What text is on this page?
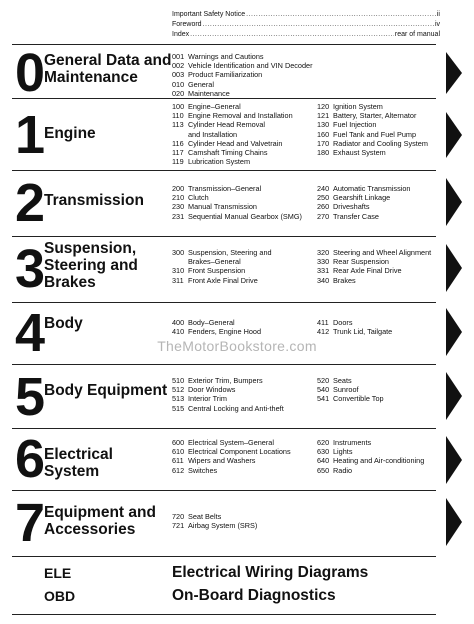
Important Safety Notice .....	ii
Foreword .....	iv
Index .....	rear of manual
0 General Data and Maintenance
001 Warnings and Cautions
002 Vehicle Identification and VIN Decoder
003 Product Familiarization
010 General
020 Maintenance
1 Engine
100 Engine–General
110 Engine Removal and Installation
113 Cylinder Head Removal
and Installation
116 Cylinder Head and Valvetrain
117 Camshaft Timing Chains
119 Lubrication System
120 Ignition System
121 Battery, Starter, Alternator
130 Fuel Injection
160 Fuel Tank and Fuel Pump
170 Radiator and Cooling System
180 Exhaust System
2 Transmission
200 Transmission–General
210 Clutch
230 Manual Transmission
231 Sequential Manual Gearbox (SMG)
240 Automatic Transmission
250 Gearshift Linkage
260 Driveshafts
270 Transfer Case
3 Suspension, Steering and Brakes
300 Suspension, Steering and
Brakes–General
310 Front Suspension
311 Front Axle Final Drive
320 Steering and Wheel Alignment
330 Rear Suspension
331 Rear Axle Final Drive
340 Brakes
4 Body	400 Body–General
410 Fenders, Engine Hood
411 Doors
412 Trunk Lid, Tailgate
TheMotorBookstore.com
5 Body Equipment
510 Exterior Trim, Bumpers
512 Door Windows
513 Interior Trim
515 Central Locking and Anti-theft
520 Seats
540 Sunroof
541 Convertible Top
6 Electrical System
600 Electrical System–General
610 Electrical Component Locations
611 Wipers and Washers
612 Switches
620 Instruments
630 Lights
640 Heating and Air-conditioning
650 Radio
7 Equipment and Accessories
720 Seat Belts
721 Airbag System (SRS)
ELE	Electrical Wiring Diagrams
OBD	On-Board Diagnostics
